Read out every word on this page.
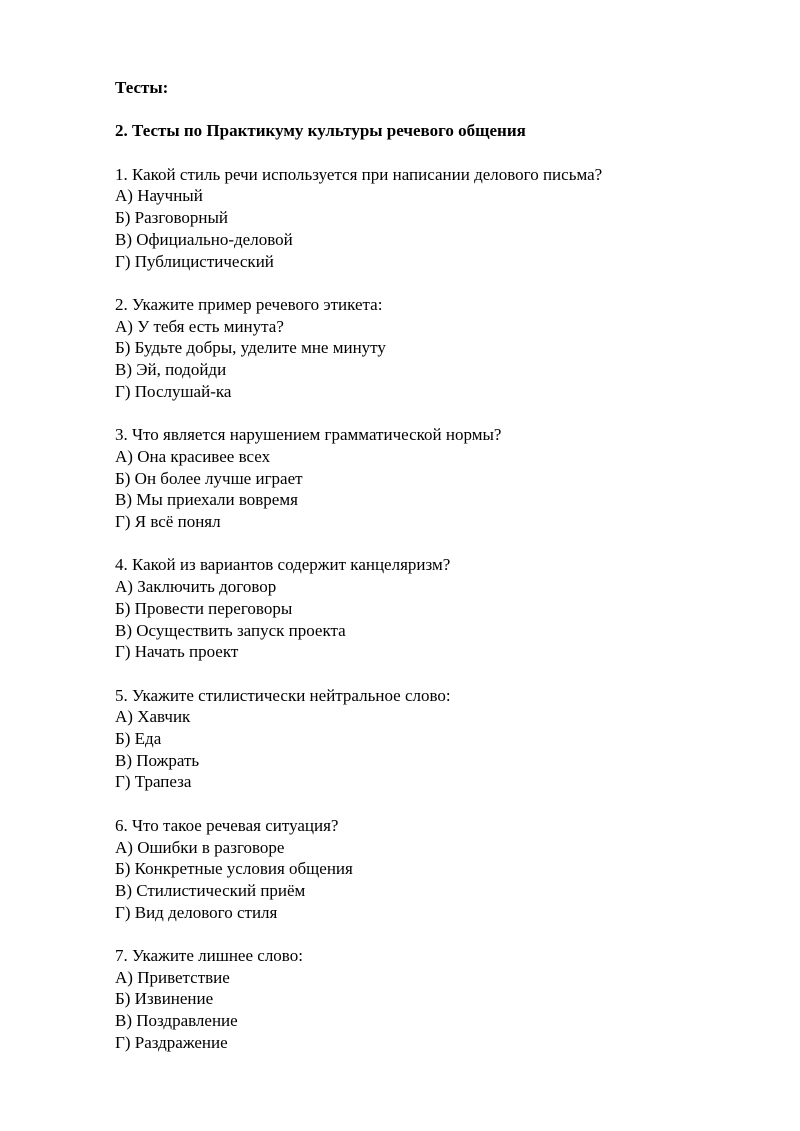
Тесты:

2. Тесты по Практикуму культуры речевого общения

1. Какой стиль речи используется при написании делового письма?

А) Научный

Б) Разговорный

В) Официально-деловой

Г) Публицистический

2. Укажите пример речевого этикета:

А) У тебя есть минута?

Б) Будьте добры, уделите мне минуту

В) Эй, подойди

Г) Послушай-ка

3. Что является нарушением грамматической нормы?

А) Она красивее всех

Б) Он более лучше играет

В) Мы приехали вовремя

Г) Я всё понял

4. Какой из вариантов содержит канцеляризм?

А) Заключить договор

Б) Провести переговоры

В) Осуществить запуск проекта

Г) Начать проект

5. Укажите стилистически нейтральное слово:

А) Хавчик

Б) Еда

В) Пожрать

Г) Трапеза

6. Что такое речевая ситуация?

А) Ошибки в разговоре

Б) Конкретные условия общения

В) Стилистический приём

Г) Вид делового стиля

7. Укажите лишнее слово:

А) Приветствие

Б) Извинение

В) Поздравление

Г) Раздражение
